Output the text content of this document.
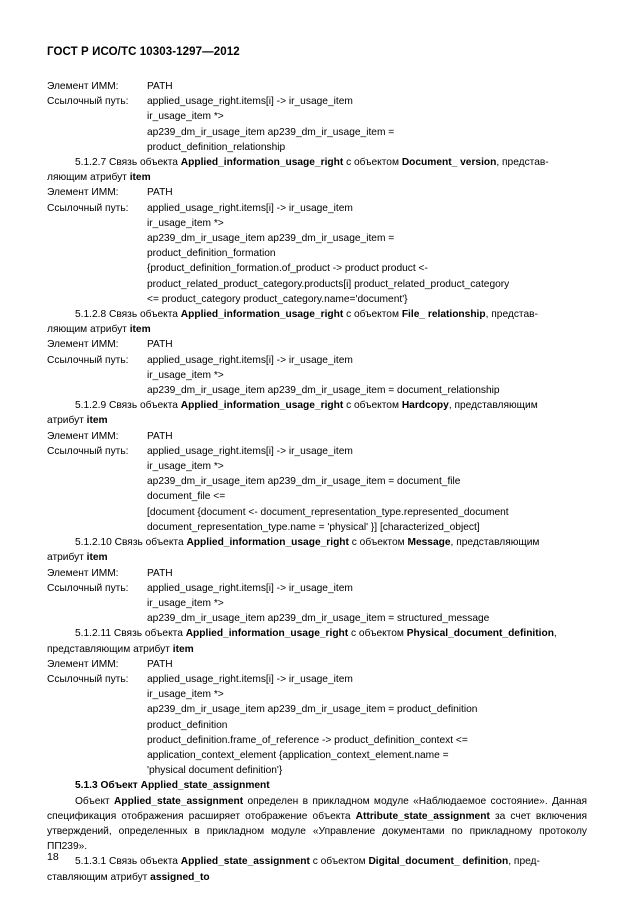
ГОСТ Р ИСО/ТС 10303-1297—2012
Элемент ИММ:	PATH
Ссылочный путь:	applied_usage_right.items[i] -> ir_usage_item
ir_usage_item *>
ap239_dm_ir_usage_item ap239_dm_ir_usage_item =
product_definition_relationship
5.1.2.7 Связь объекта Applied_information_usage_right с объектом Document_ version, представ-
ляющим атрибут item
Элемент ИММ:	PATH
Ссылочный путь:	applied_usage_right.items[i] -> ir_usage_item
ir_usage_item *>
ap239_dm_ir_usage_item ap239_dm_ir_usage_item =
product_definition_formation
{product_definition_formation.of_product -> product product <-
product_related_product_category.products[i] product_related_product_category
<= product_category product_category.name='document'}
5.1.2.8 Связь объекта Applied_information_usage_right с объектом File_ relationship, представ-
ляющим атрибут item
Элемент ИММ:	PATH
Ссылочный путь:	applied_usage_right.items[i] -> ir_usage_item
ir_usage_item *>
ap239_dm_ir_usage_item ap239_dm_ir_usage_item = document_relationship
5.1.2.9 Связь объекта Applied_information_usage_right с объектом Hardcopy, представляющим
атрибут item
Элемент ИММ:	PATH
Ссылочный путь:	applied_usage_right.items[i] -> ir_usage_item
ir_usage_item *>
ap239_dm_ir_usage_item ap239_dm_ir_usage_item = document_file
document_file <=
[document {document <- document_representation_type.represented_document
document_representation_type.name = 'physical' }] [characterized_object]
5.1.2.10 Связь объекта Applied_information_usage_right с объектом Message, представляющим
атрибут item
Элемент ИММ:	PATH
Ссылочный путь:	applied_usage_right.items[i] -> ir_usage_item
ir_usage_item *>
ap239_dm_ir_usage_item ap239_dm_ir_usage_item = structured_message
5.1.2.11 Связь объекта Applied_information_usage_right с объектом Physical_document_definition,
представляющим атрибут item
Элемент ИММ:	PATH
Ссылочный путь:	applied_usage_right.items[i] -> ir_usage_item
ir_usage_item *>
ap239_dm_ir_usage_item ap239_dm_ir_usage_item = product_definition
product_definition
product_definition.frame_of_reference -> product_definition_context <=
application_context_element {application_context_element.name =
'physical document definition'}
5.1.3 Объект Applied_state_assignment
Объект Applied_state_assignment определен в прикладном модуле «Наблюдаемое состояние». Данная спецификация отображения расширяет отображение объекта Attribute_state_assignment за счет включения утверждений, определенных в прикладном модуле «Управление документами по прикладному протоколу ПП239».
5.1.3.1 Связь объекта Applied_state_assignment с объектом Digital_document_ definition, пред-
ставляющим атрибут assigned_to
18
